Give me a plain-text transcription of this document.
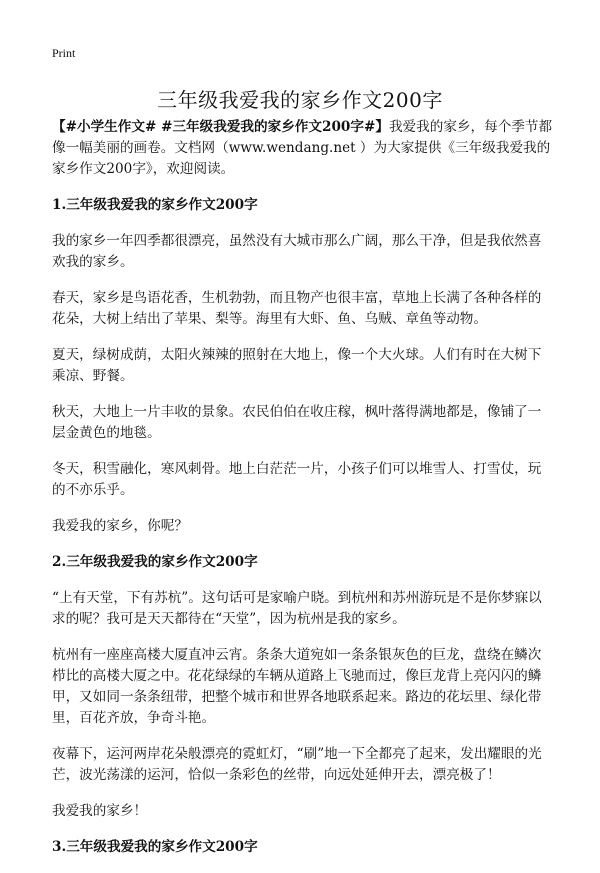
Print
三年级我爱我的家乡作文200字

【#小学生作文# #三年级我爱我的家乡作文200字#】我爱我的家乡，每个季节都像一幅美丽的画卷。文档网（www.wendang.net ）为大家提供《三年级我爱我的家乡作文200字》，欢迎阅读。

1.三年级我爱我的家乡作文200字

我的家乡一年四季都很漂亮，虽然没有大城市那么广阔，那么干净，但是我依然喜欢我的家乡。

春天，家乡是鸟语花香，生机勃勃，而且物产也很丰富，草地上长满了各种各样的花朵，大树上结出了苹果、梨等。海里有大虾、鱼、乌贼、章鱼等动物。

夏天，绿树成荫，太阳火辣辣的照射在大地上，像一个大火球。人们有时在大树下乘凉、野餐。

秋天，大地上一片丰收的景象。农民伯伯在收庄稼，枫叶落得满地都是，像铺了一层金黄色的地毯。

冬天，积雪融化，寒风刺骨。地上白茫茫一片，小孩子们可以堆雪人、打雪仗，玩的不亦乐乎。

我爱我的家乡，你呢？

2.三年级我爱我的家乡作文200字

“上有天堂，下有苏杭”。这句话可是家喻户晓。到杭州和苏州游玩是不是你梦寐以求的呢？我可是天天都待在“天堂”，因为杭州是我的家乡。

杭州有一座座高楼大厦直冲云宵。条条大道宛如一条条银灰色的巨龙，盘绕在鳞次栉比的高楼大厦之中。花花绿绿的车辆从道路上飞驰而过，像巨龙背上亮闪闪的鳞甲，又如同一条条纽带，把整个城市和世界各地联系起来。路边的花坛里、绿化带里，百花齐放，争奇斗艳。

夜幕下，运河两岸花朵般漂亮的霓虹灯，“刷”地一下全都亮了起来，发出耀眼的光芒，波光荡漾的运河，恰似一条彩色的丝带，向远处延伸开去，漂亮极了！

我爱我的家乡！

3.三年级我爱我的家乡作文200字
